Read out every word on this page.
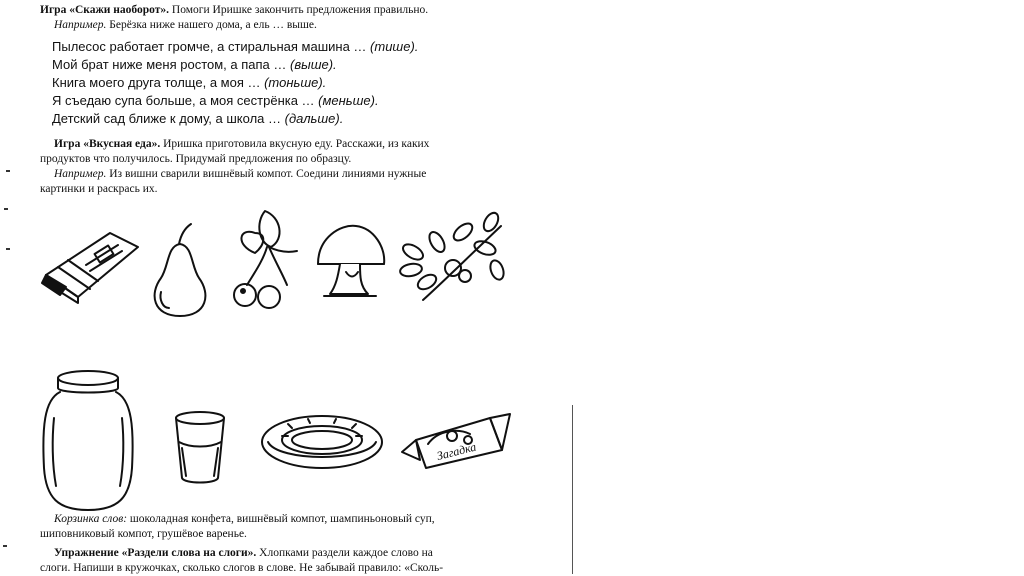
Игра «Скажи наоборот». Помоги Иришке закончить предложения правильно.
Например. Берёзка ниже нашего дома, а ель … выше.
Пылесос работает громче, а стиральная машина … (тише).
Мой брат ниже меня ростом, а папа … (выше).
Книга моего друга толще, а моя … (тоньше).
Я съедаю супа больше, а моя сестрёнка … (меньше).
Детский сад ближе к дому, а школа … (дальше).
Игра «Вкусная еда». Иришка приготовила вкусную еду. Расскажи, из каких
продуктов что получилось. Придумай предложения по образцу.
Например. Из вишни сварили вишнёвый компот. Соедини линиями нужные
картинки и раскрась их.
Загадка
Корзинка слов: шоколадная конфета, вишнёвый компот, шампиньоновый суп,
шиповниковый компот, грушёвое варенье.
Упражнение «Раздели слова на слоги». Хлопками раздели каждое слово на
слоги. Напиши в кружочках, сколько слогов в слове. Не забывай правило: «Сколь-
